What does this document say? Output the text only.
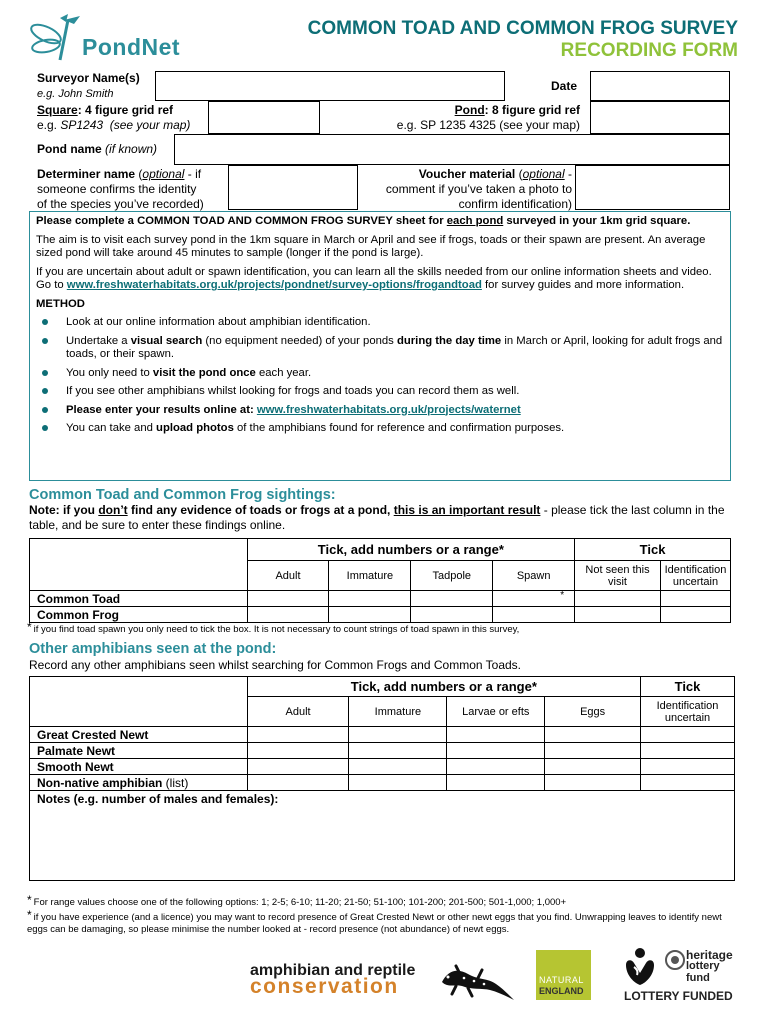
PondNet
COMMON TOAD AND COMMON FROG SURVEY
RECORDING FORM
Surveyor Name(s)
e.g. John Smith
Date
Square: 4 figure grid ref
e.g. SP1243 (see your map)
Pond: 8 figure grid ref
e.g. SP 1235 4325 (see your map)
Pond name (if known)
Determiner name (optional - if
someone confirms the identity
of the species you’ve recorded)
Voucher material (optional -
comment if you’ve taken a photo to
confirm identification)

Please complete a COMMON TOAD AND COMMON FROG SURVEY sheet for each pond surveyed in your 1km grid square.

The aim is to visit each survey pond in the 1km square in March or April and see if frogs, toads or their spawn are present. An average sized pond will take around 45 minutes to sample (longer if the pond is large).

If you are uncertain about adult or spawn identification, you can learn all the skills needed from our online information sheets and video. Go to www.freshwaterhabitats.org.uk/projects/pondnet/survey-options/frogandtoad for survey guides and more information.

METHOD

Look at our online information about amphibian identification.
Undertake a visual search (no equipment needed) of your ponds during the day time in March or April, looking for adult frogs and toads, or their spawn.
You only need to visit the pond once each year.
If you see other amphibians whilst looking for frogs and toads you can record them as well.
Please enter your results online at: www.freshwaterhabitats.org.uk/projects/waternet
You can take and upload photos of the amphibians found for reference and confirmation purposes.
Common Toad and Common Frog sightings:
Note: if you don’t find any evidence of toads or frogs at a pond, this is an important result - please tick the last column in the table, and be sure to enter these findings online.
	Tick, add numbers or a range*				Tick	
	Adult	Immature	Tadpole	Spawn	Not seen this visit	Identification uncertain
Common Toad				*		
Common Frog						
* if you find toad spawn you only need to tick the box. It is not necessary to count strings of toad spawn in this survey,
Other amphibians seen at the pond:
Record any other amphibians seen whilst searching for Common Frogs and Common Toads.
	Tick, add numbers or a range*				Tick
	Adult	Immature	Larvae or efts	Eggs	Identification uncertain
Great Crested Newt					
Palmate Newt					
Smooth Newt					
Non-native amphibian (list)					
Notes (e.g. number of males and females):					
* For range values choose one of the following options: 1; 2-5; 6-10; 11-20; 21-50; 51-100; 101-200; 201-500; 501-1,000; 1,000+
* if you have experience (and a licence) you may want to record presence of Great Crested Newt or other newt eggs that you find. Unwrapping leaves to identify newt eggs can be damaging, so please minimise the number looked at - record presence (not abundance) of newt eggs.
amphibian and reptile
conservation	NATURAL
ENGLAND
heritage
lottery fund
LOTTERY FUNDED
